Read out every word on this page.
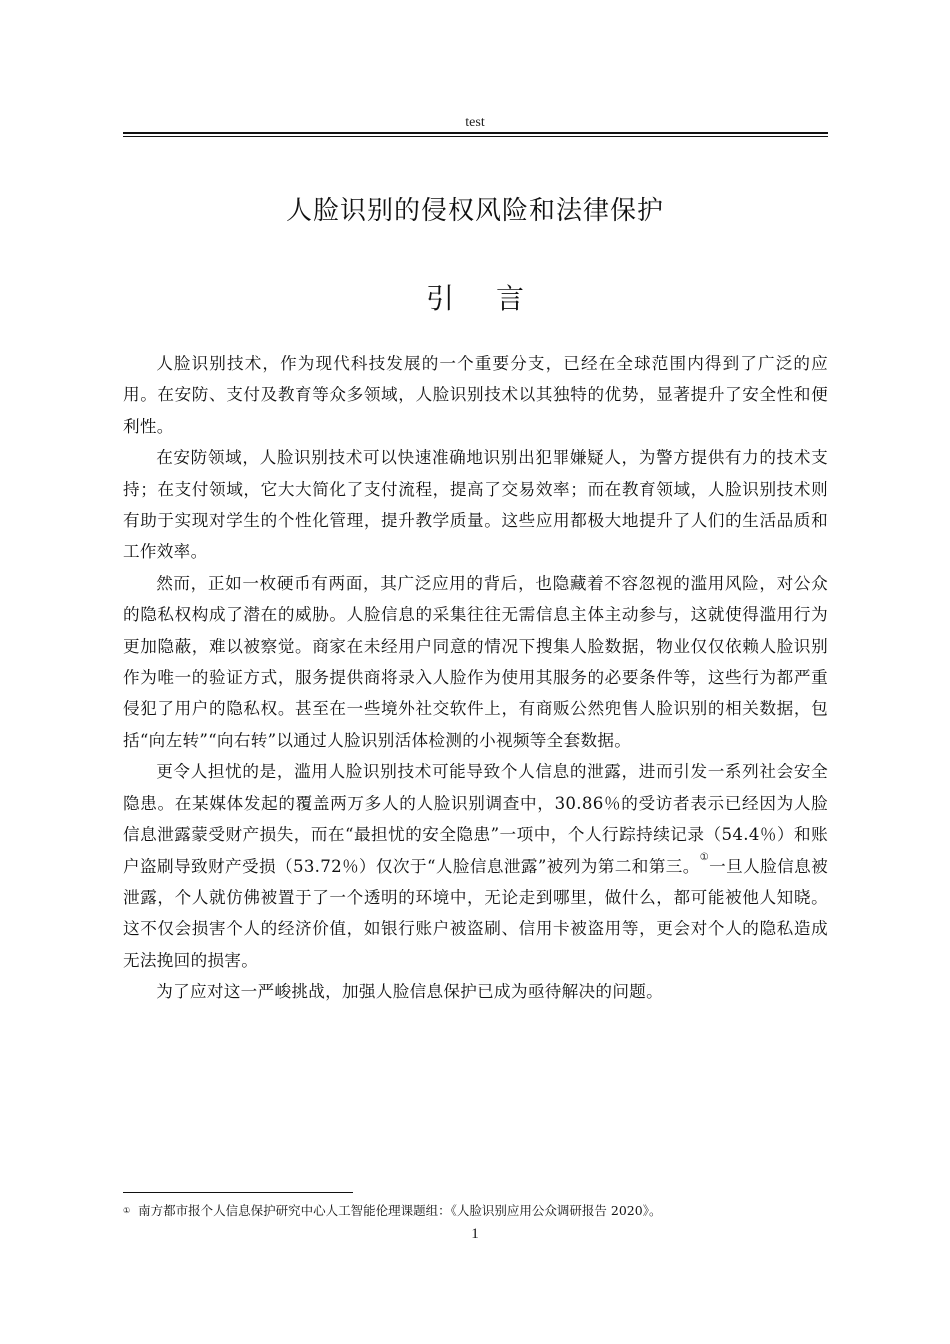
test
人脸识别的侵权风险和法律保护
引 言

人脸识别技术，作为现代科技发展的一个重要分支，已经在全球范围内得到了广泛的应用。在安防、支付及教育等众多领域，人脸识别技术以其独特的优势，显著提升了安全性和便利性。

在安防领域，人脸识别技术可以快速准确地识别出犯罪嫌疑人，为警方提供有力的技术支持；在支付领域，它大大简化了支付流程，提高了交易效率；而在教育领域，人脸识别技术则有助于实现对学生的个性化管理，提升教学质量。这些应用都极大地提升了人们的生活品质和工作效率。

然而，正如一枚硬币有两面，其广泛应用的背后，也隐藏着不容忽视的滥用风险，对公众的隐私权构成了潜在的威胁。人脸信息的采集往往无需信息主体主动参与，这就使得滥用行为更加隐蔽，难以被察觉。商家在未经用户同意的情况下搜集人脸数据，物业仅仅依赖人脸识别作为唯一的验证方式，服务提供商将录入人脸作为使用其服务的必要条件等，这些行为都严重侵犯了用户的隐私权。甚至在一些境外社交软件上，有商贩公然兜售人脸识别的相关数据，包括“向左转”“向右转”以通过人脸识别活体检测的小视频等全套数据。

更令人担忧的是，滥用人脸识别技术可能导致个人信息的泄露，进而引发一系列社会安全隐患。在某媒体发起的覆盖两万多人的人脸识别调查中，30.86％的受访者表示已经因为人脸信息泄露蒙受财产损失，而在“最担忧的安全隐患”一项中，个人行踪持续记录（54.4％）和账户盗刷导致财产受损（53.72％）仅次于“人脸信息泄露”被列为第二和第三。①一旦人脸信息被泄露，个人就仿佛被置于了一个透明的环境中，无论走到哪里，做什么，都可能被他人知晓。这不仅会损害个人的经济价值，如银行账户被盗刷、信用卡被盗用等，更会对个人的隐私造成无法挽回的损害。

为了应对这一严峻挑战，加强人脸信息保护已成为亟待解决的问题。

① 南方都市报个人信息保护研究中心人工智能伦理课题组：《人脸识别应用公众调研报告 2020》。
1
